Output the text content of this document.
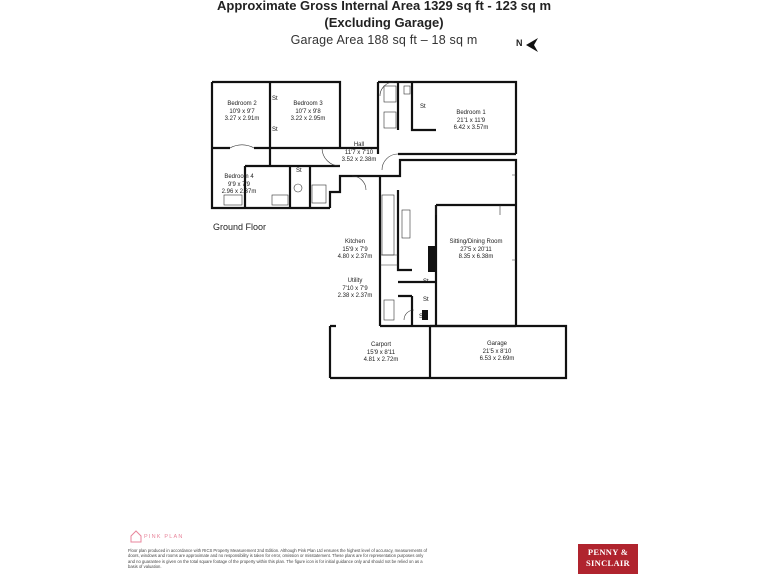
Approximate Gross Internal Area 1329 sq ft - 123 sq m
(Excluding Garage)
Garage Area 188 sq ft – 18 sq m	N
Bedroom 2
10'9 x 9'7
3.27 x 2.91m
Bedroom 3
10'7 x 9'8
3.22 x 2.95m
Bedroom 1
21'1 x 11'9
6.42 x 3.57m
Hall
11'7 x 7'10
3.52 x 2.38m
Bedroom 4
9'9 x 7'9
2.96 x 2.37m
Kitchen
15'9 x 7'9
4.80 x 2.37m
Sitting/Dining Room
27'5 x 20'11
8.35 x 6.38m
Utility
7'10 x 7'9
2.38 x 2.37m
Carport
15'9 x 8'11
4.81 x 2.72m
Garage
21'5 x 8'10
6.53 x 2.69m
St
St
St
St
St
St
St
Ground Floor
PINK PLAN
Floor plan produced in accordance with RICS Property Measurement 2nd Edition. Although Pink Plan Ltd ensures the highest level of accuracy, measurements of doors, windows and rooms are approximate and no responsibility is taken for error, omission or misstatement. These plans are for representation purposes only and no guarantee is given on the total square footage of the property within this plan. The figure icon is for initial guidance only and should not be relied on as a basis of valuation.
PENNY &
SINCLAIR
